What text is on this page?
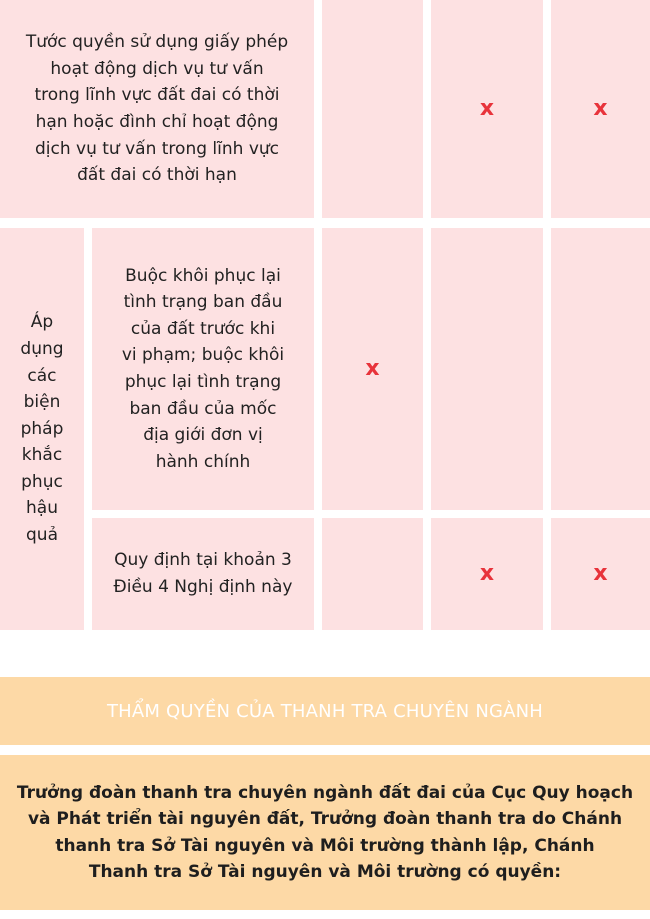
Tước quyền sử dụng giấy phép
hoạt động dịch vụ tư vấn
trong lĩnh vực đất đai có thời
hạn hoặc đình chỉ hoạt động
dịch vụ tư vấn trong lĩnh vực
đất đai có thời hạn
x	x
Áp
dụng
các
biện
pháp
khắc
phục
hậu
quả
Buộc khôi phục lại
tình trạng ban đầu
của đất trước khi
vi phạm; buộc khôi
phục lại tình trạng
ban đầu của mốc
địa giới đơn vị
hành chính
x
Quy định tại khoản 3
Điều 4 Nghị định này
x	x
THẨM QUYỀN CỦA THANH TRA CHUYÊN NGÀNH
Trưởng đoàn thanh tra chuyên ngành đất đai của Cục Quy hoạch
và Phát triển tài nguyên đất, Trưởng đoàn thanh tra do Chánh
thanh tra Sở Tài nguyên và Môi trường thành lập, Chánh
Thanh tra Sở Tài nguyên và Môi trường có quyền:
